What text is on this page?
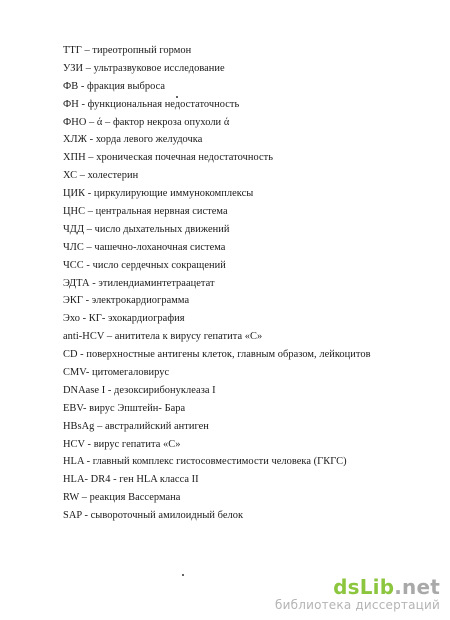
ТТГ – тиреотропный гормон
УЗИ – ультразвуковое исследование
ФВ - фракция выброса
ФН - функциональная недостаточность
ФНО – ά – фактор некроза опухоли ά
ХЛЖ - хорда левого желудочка
ХПН – хроническая почечная недостаточность
ХС – холестерин
ЦИК - циркулирующие иммунокомплексы
ЦНС – центральная нервная система
ЧДД – число дыхательных движений
ЧЛС – чашечно-лоханочная система
ЧСС - число сердечных сокращений
ЭДТА - этилендиаминтетраацетат
ЭКГ - электрокардиограмма
Эхо - КГ- эхокардиография
anti-HCV – анититела к вирусу гепатита «С»
CD - поверхностные антигены клеток, главным образом, лейкоцитов
CMV- цитомегаловирус
DNAase I - дезоксирибонуклеаза I
EBV- вирус Эпштейн- Бара
HBsAg – австралийский антиген
HCV - вирус гепатита «С»
HLA - главный комплекс гистосовместимости человека (ГКГС)
HLA- DR4 - ген HLA класса II
RW – реакция Вассермана
SAP - сывороточный амилоидный белок
dsLib.net
библиотека диссертаций
